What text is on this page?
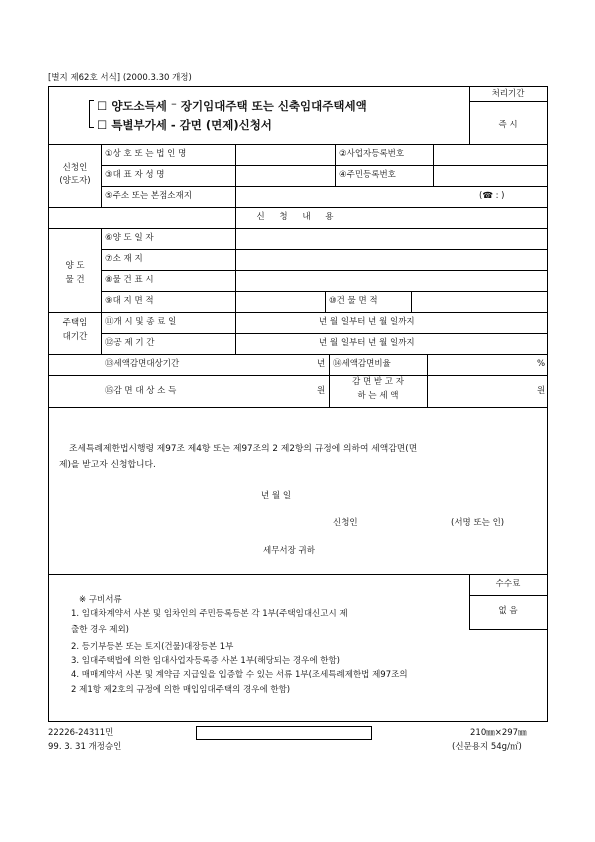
[별지 제62호 서식] (2000.3.30 개정)
☐ 양도소득세 ⁻ 장기임대주택 또는 신축임대주택세액
☐ 특별부가세 - 감면 (면제)신청서
처리기간
즉 시
신청인
(양도자)
①상 호 또 는 법 인 명	②사업자등록번호
③대 표 자 성 명	④주민등록번호
⑤주소 또는 본점소재지	(☎ : )
신 청 내 용
양 도
물 건
⑥양 도 일 자
⑦소 재 지
⑧물 건 표 시
⑨대 지 면 적	⑩건 물 면 적
주택임
대기간
⑪개 시 및 종 료 일	년 월 일부터 년 월 일까지
⑫공 제 기 간	년 월 일부터 년 월 일까지
⑬세액감면대상기간	년 ⑭세액감면비율	%
⑮감 면 대 상 소 득	원
감 면 받 고 자
하 는 세 액	원
조세특례제한법시행령 제97조 제4항 또는 제97조의 2 제2항의 규정에 의하여 세액감면(면
제)을 받고자 신청합니다.
년 월 일
신청인	(서명 또는 인)
세무서장 귀하
※ 구비서류
1. 임대차계약서 사본 및 임차인의 주민등록등본 각 1부(주택임대신고시 제
출한 경우 제외)
2. 등기부등본 또는 토지(건물)대장등본 1부
3. 임대주택법에 의한 임대사업자등록증 사본 1부(해당되는 경우에 한함)
4. 매매계약서 사본 및 계약금 지급일을 입증할 수 있는 서류 1부(조세특례제한법 제97조의
2 제1항 제2호의 규정에 의한 매입임대주택의 경우에 한함)
수수료
없 음
22226-24311민
99. 3. 31 개정승인
210㎜×297㎜
(신문용지 54g/㎡)
